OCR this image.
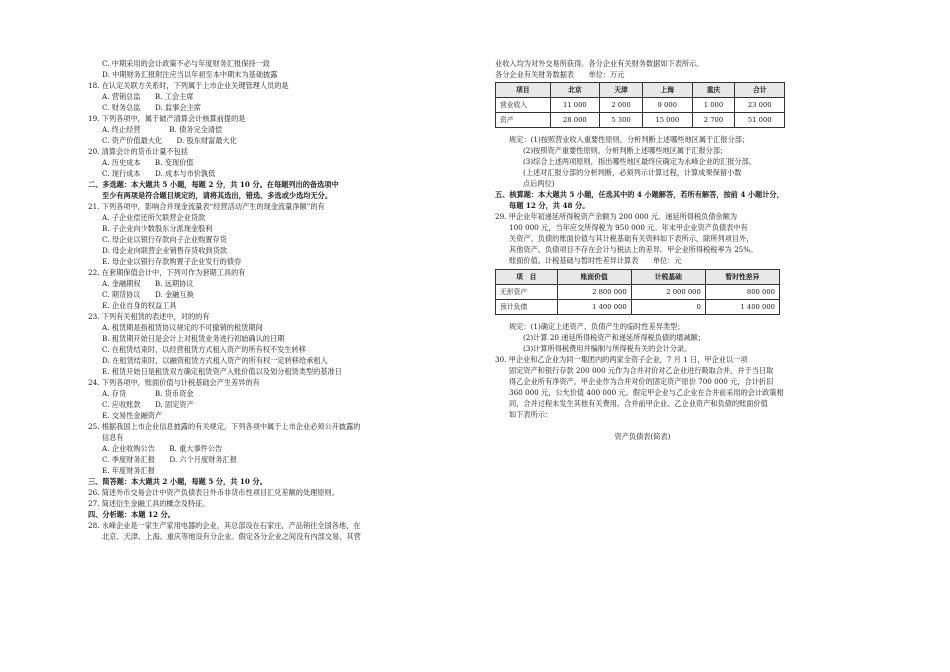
C. 中期采用的会计政策不必与年度财务汇报保持一致
D. 中期财务汇报附注应当以年初至本中期末为基础披露
18. 在认定关联方关系时，下列属于上市企业关键管理人员的是
A. 营销总监　　B. 工会主席
C. 财务总监　　D. 监事会主席
19. 下列各项中，属于破产清算会计核算前提的是
A. 终止经营　　　　B. 债务完全清偿
C. 资产价值最大化　　D. 股东财富最大化
20. 清算会计的货币计量不包括
A. 历史成本　　B. 变现价值
C. 现行成本　　D. 成本与市价孰低
二、多选题：本大题共 5 小题，每题 2 分，共 10 分。在每题列出的备选项中
至少有两项是符合题目规定的，请将其选出，错选、多选或少选均无分。
21. 下列各项中，影响合并现金流量表“经营活动产生的现金流量净额”的有
A. 子企业偿还所欠联营企业货款
B. 子企业向少数股东分派现金股利
C. 母企业以银行存款向子企业购置存货
D. 母企业向联营企业销售存货收到货款
E. 母企业以银行存款购置子企业发行的债券
22. 在套期保值会计中，下列可作为套期工具的有
A. 金融期权　　B. 远期协议
C. 期货协议　　D. 金融互换
E. 企业自身的权益工具
23. 下列有关租赁的表述中，对的的有
A. 租赁期是指租赁协议规定的不可撤销的租赁期间
B. 租赁期开始日是会计上对租赁业务进行初始确认的日期
C. 在租赁结束时，以经营租赁方式租入资产的所有权不发生转移
D. 在租赁结束时，以融资租赁方式租入资产的所有权一定转移给承租人
E. 租赁开始日是租赁双方确定租赁资产入账价值以及划分租赁类型的基准日
24. 下列各项中，账面价值与计税基础会产生差异的有
A. 存货　　　　B. 货币资金
C. 应收账款　　D. 固定资产
E. 交易性金融资产
25. 根据我国上市企业信息披露的有关规定，下列各项中属于上市企业必须公开披露的
信息有
A. 企业收购公告　　B. 重大事件公告
C. 季度财务汇报　　D. 六个月度财务汇报
E. 年度财务汇报
三、简答题：本大题共 2 小题，每题 5 分，共 10 分。
26. 简述外币交易会计中资产负债表日外币非货币性项目汇兑差额的处理原则。
27. 简述衍生金融工具的概念及特征。
四、分析题：本题 12 分。
28. 永峰企业是一家生产家用电器的企业，其总部设在石家庄，产品销往全国各地，在
北京、天津、上海、重庆等地设有分企业。假定各分企业之间没有内部交易，其营
业收入均为对外交易所获得。各分企业有关财务数据如下表所示。
各分企业有关财务数据表　　单位：万元
项目	北京	天津	上海	重庆	合计
营业收入	11 000	2 000	9 000	1 000	23 000
资产	28 000	5 300	15 000	2 700	51 000
规定：(1)按照营业收入重要性原则，分析判断上述哪些地区属于汇报分部；
(2)按照资产重要性原则，分析判断上述哪些地区属于汇报分部；
(3)综合上述两项原则，指出哪些地区最终应确定为永峰企业的汇报分部。
(上述对汇报分部的分析判断，必须列示计算过程，计算成果保留小数
点后两位)
五、核算题：本大题共 5 小题，任选其中的 4 小题解答，若所有解答，按前 4 小题计分，
每题 12 分，共 48 分。
29. 甲企业年初递延所得税资产余额为 200 000 元、递延所得税负债余额为
100 000 元，当年应交所得税为 950 000 元。年末甲企业资产负债表中有
关资产、负债的账面价值与其计税基础有关资料如下表所示，除所列项目外，
其他资产、负债项目不存在会计与税法上的差异。甲企业所得税税率为 25%。
账面价值、计税基础与暂时性差异计算表　　单位：元
项　目	账面价值	计税基础	暂时性差异
无形资产	2 800 000	2 000 000	800 000
预计负债	1 400 000	0	1 400 000
规定：(1)确定上述资产、负债产生的临时性差异类型；
(2)计算 20 递延所得税资产和递延所得税负债的增减额；
(3)计算所得税费用并编制与所得税有关的会计分录。
30. 甲企业和乙企业为同一集团内的两家全资子企业，7 月 1 日，甲企业以一项
固定资产和银行存款 200 000 元作为合并对价对乙企业进行吸取合并，并于当日取
得乙企业所有净资产。甲企业作为合并对价的固定资产原价 700 000 元，合计折旧
360 000 元，公允价值 400 000 元。假定甲企业与乙企业在合并前采用的会计政策相
同，合并过程未发生其他有关费用。合并前甲企业、乙企业资产和负债的账面价值
如下表所示：
资产负债表(简表)
